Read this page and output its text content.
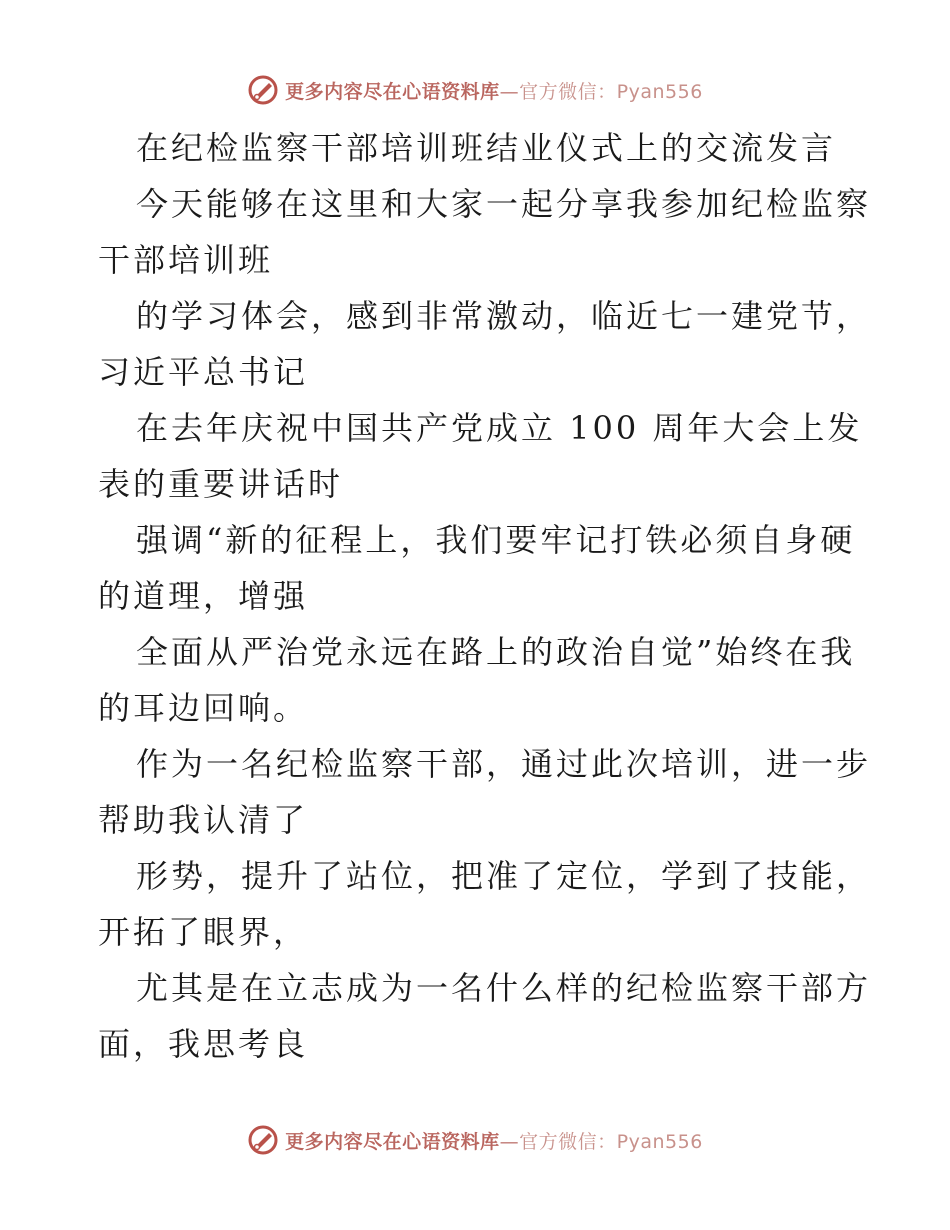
更多内容尽在心语资料库—官方微信：Pyan556
在纪检监察干部培训班结业仪式上的交流发言
今天能够在这里和大家一起分享我参加纪检监察
干部培训班
的学习体会，感到非常激动，临近七一建党节，
习近平总书记
在去年庆祝中国共产党成立 100 周年大会上发
表的重要讲话时
强调“新的征程上，我们要牢记打铁必须自身硬
的道理，增强
全面从严治党永远在路上的政治自觉”始终在我
的耳边回响。
作为一名纪检监察干部，通过此次培训，进一步
帮助我认清了
形势，提升了站位，把准了定位，学到了技能，
开拓了眼界，
尤其是在立志成为一名什么样的纪检监察干部方
面，我思考良
更多内容尽在心语资料库—官方微信：Pyan556
